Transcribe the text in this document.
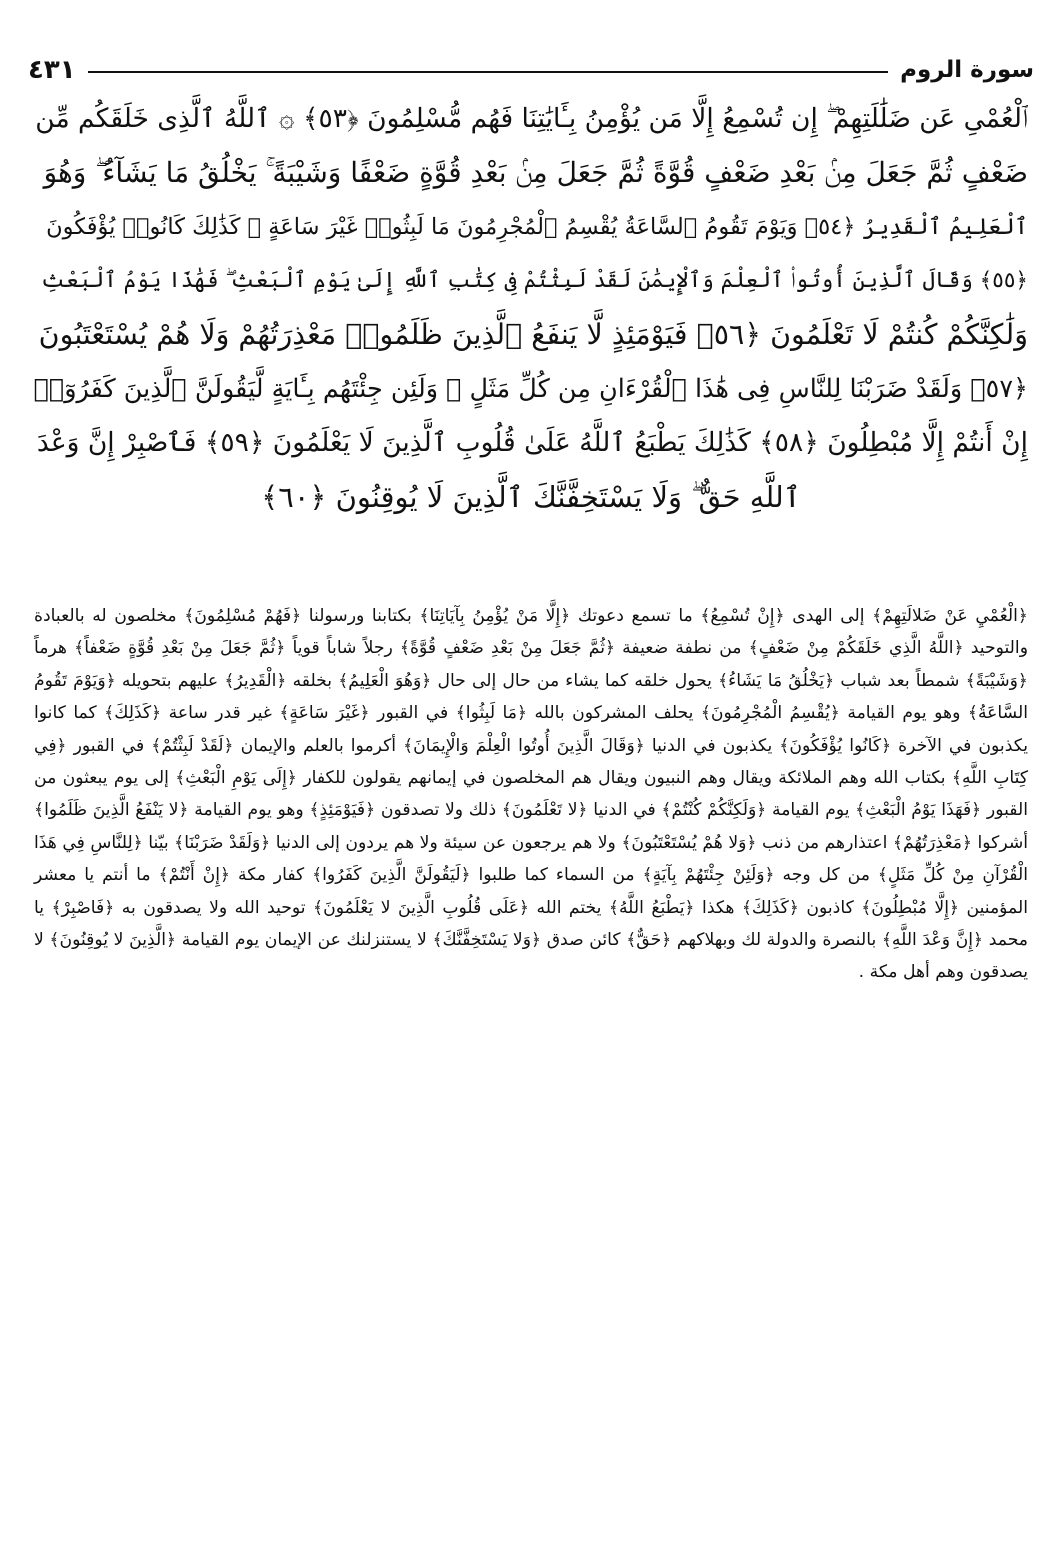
سورة الروم
٤٣١
ٱلْعُمْىِ عَن ضَلَٰلَتِهِمْ ۖ إِن تُسْمِعُ إِلَّا مَن يُؤْمِنُ بِـَٔايَٰتِنَا فَهُم مُّسْلِمُونَ ﴿٥٣﴾ ۞ ٱللَّهُ ٱلَّذِى خَلَقَكُم مِّن
ضَعْفٍ ثُمَّ جَعَلَ مِنۢ بَعْدِ ضَعْفٍ قُوَّةً ثُمَّ جَعَلَ مِنۢ بَعْدِ قُوَّةٍ ضَعْفًا وَشَيْبَةً ۚ يَخْلُقُ مَا يَشَآءُ ۖ وَهُوَ
ٱلْعَلِيمُ ٱلْقَدِيرُ ﴿٥٤﴾ وَيَوْمَ تَقُومُ ٱلسَّاعَةُ يُقْسِمُ ٱلْمُجْرِمُونَ مَا لَبِثُوا۟ غَيْرَ سَاعَةٍ ۚ كَذَٰلِكَ كَانُوا۟ يُؤْفَكُونَ
﴿٥٥﴾ وَقَالَ ٱلَّذِينَ أُوتُوا۟ ٱلْعِلْمَ وَٱلْإِيمَٰنَ لَقَدْ لَبِثْتُمْ فِى كِتَٰبِ ٱللَّهِ إِلَىٰ يَوْمِ ٱلْبَعْثِ ۖ فَهَٰذَا يَوْمُ ٱلْبَعْثِ
وَلَٰكِنَّكُمْ كُنتُمْ لَا تَعْلَمُونَ ﴿٥٦﴾ فَيَوْمَئِذٍ لَّا يَنفَعُ ٱلَّذِينَ ظَلَمُوا۟ مَعْذِرَتُهُمْ وَلَا هُمْ يُسْتَعْتَبُونَ
﴿٥٧﴾ وَلَقَدْ ضَرَبْنَا لِلنَّاسِ فِى هَٰذَا ٱلْقُرْءَانِ مِن كُلِّ مَثَلٍ ۚ وَلَئِن جِئْتَهُم بِـَٔايَةٍ لَّيَقُولَنَّ ٱلَّذِينَ كَفَرُوٓا۟
إِنْ أَنتُمْ إِلَّا مُبْطِلُونَ ﴿٥٨﴾ كَذَٰلِكَ يَطْبَعُ ٱللَّهُ عَلَىٰ قُلُوبِ ٱلَّذِينَ لَا يَعْلَمُونَ ﴿٥٩﴾ فَٱصْبِرْ إِنَّ وَعْدَ
ٱللَّهِ حَقٌّ ۖ وَلَا يَسْتَخِفَّنَّكَ ٱلَّذِينَ لَا يُوقِنُونَ ﴿٦٠﴾

﴿الْعُمْيِ عَنْ ضَلالَتِهِمْ﴾ إلى الهدى ﴿إِنْ تُسْمِعُ﴾ ما تسمع دعوتك ﴿إِلَّا مَنْ يُؤْمِنُ بِآيَاتِنَا﴾ بكتابنا ورسولنا ﴿فَهُمْ مُسْلِمُونَ﴾ مخلصون له بالعبادة والتوحيد ﴿اللَّهُ الَّذِي خَلَقَكُمْ مِنْ ضَعْفٍ﴾ من نطفة ضعيفة ﴿ثُمَّ جَعَلَ مِنْ بَعْدِ ضَعْفٍ قُوَّةً﴾ رجلاً شاباً قوياً ﴿ثُمَّ جَعَلَ مِنْ بَعْدِ قُوَّةٍ ضَعْفاً﴾ هرماً ﴿وَشَيْبَةً﴾ شمطاً بعد شباب ﴿يَخْلُقُ مَا يَشَاءُ﴾ يحول خلقه كما يشاء من حال إلى حال ﴿وَهُوَ الْعَلِيمُ﴾ بخلقه ﴿الْقَدِيرُ﴾ عليهم بتحويله ﴿وَيَوْمَ تَقُومُ السَّاعَةُ﴾ وهو يوم القيامة ﴿يُقْسِمُ الْمُجْرِمُونَ﴾ يحلف المشركون بالله ﴿مَا لَبِثُوا﴾ في القبور ﴿غَيْرَ سَاعَةٍ﴾ غير قدر ساعة ﴿كَذَلِكَ﴾ كما كانوا يكذبون في الآخرة ﴿كَانُوا يُؤْفَكُونَ﴾ يكذبون في الدنيا ﴿وَقَالَ الَّذِينَ أُوتُوا الْعِلْمَ وَالْإِيمَانَ﴾ أكرموا بالعلم والإيمان ﴿لَقَدْ لَبِثْتُمْ﴾ في القبور ﴿فِي كِتَابِ اللَّهِ﴾ بكتاب الله وهم الملائكة ويقال وهم النبيون ويقال هم المخلصون في إيمانهم يقولون للكفار ﴿إِلَى يَوْمِ الْبَعْثِ﴾ إلى يوم يبعثون من القبور ﴿فَهَذَا يَوْمُ الْبَعْثِ﴾ يوم القيامة ﴿وَلَكِنَّكُمْ كُنْتُمْ﴾ في الدنيا ﴿لا تَعْلَمُونَ﴾ ذلك ولا تصدقون ﴿فَيَوْمَئِذٍ﴾ وهو يوم القيامة ﴿لا يَنْفَعُ الَّذِينَ ظَلَمُوا﴾ أشركوا ﴿مَعْذِرَتُهُمْ﴾ اعتذارهم من ذنب ﴿وَلا هُمْ يُسْتَعْتَبُونَ﴾ ولا هم يرجعون عن سيئة ولا هم يردون إلى الدنيا ﴿وَلَقَدْ ضَرَبْنَا﴾ بيّنا ﴿لِلنَّاسِ فِي هَذَا الْقُرْآنِ مِنْ كُلِّ مَثَلٍ﴾ من كل وجه ﴿وَلَئِنْ جِئْتَهُمْ بِآيَةٍ﴾ من السماء كما طلبوا ﴿لَيَقُولَنَّ الَّذِينَ كَفَرُوا﴾ كفار مكة ﴿إِنْ أَنْتُمْ﴾ ما أنتم يا معشر المؤمنين ﴿إِلَّا مُبْطِلُونَ﴾ كاذبون ﴿كَذَلِكَ﴾ هكذا ﴿يَطْبَعُ اللَّهُ﴾ يختم الله ﴿عَلَى قُلُوبِ الَّذِينَ لا يَعْلَمُونَ﴾ توحيد الله ولا يصدقون به ﴿فَاصْبِرْ﴾ يا محمد ﴿إِنَّ وَعْدَ اللَّهِ﴾ بالنصرة والدولة لك وبهلاكهم ﴿حَقٌّ﴾ كائن صدق ﴿وَلا يَسْتَخِفَّنَّكَ﴾ لا يستنزلنك عن الإيمان يوم القيامة ﴿الَّذِينَ لا يُوقِنُونَ﴾ لا يصدقون وهم أهل مكة .
